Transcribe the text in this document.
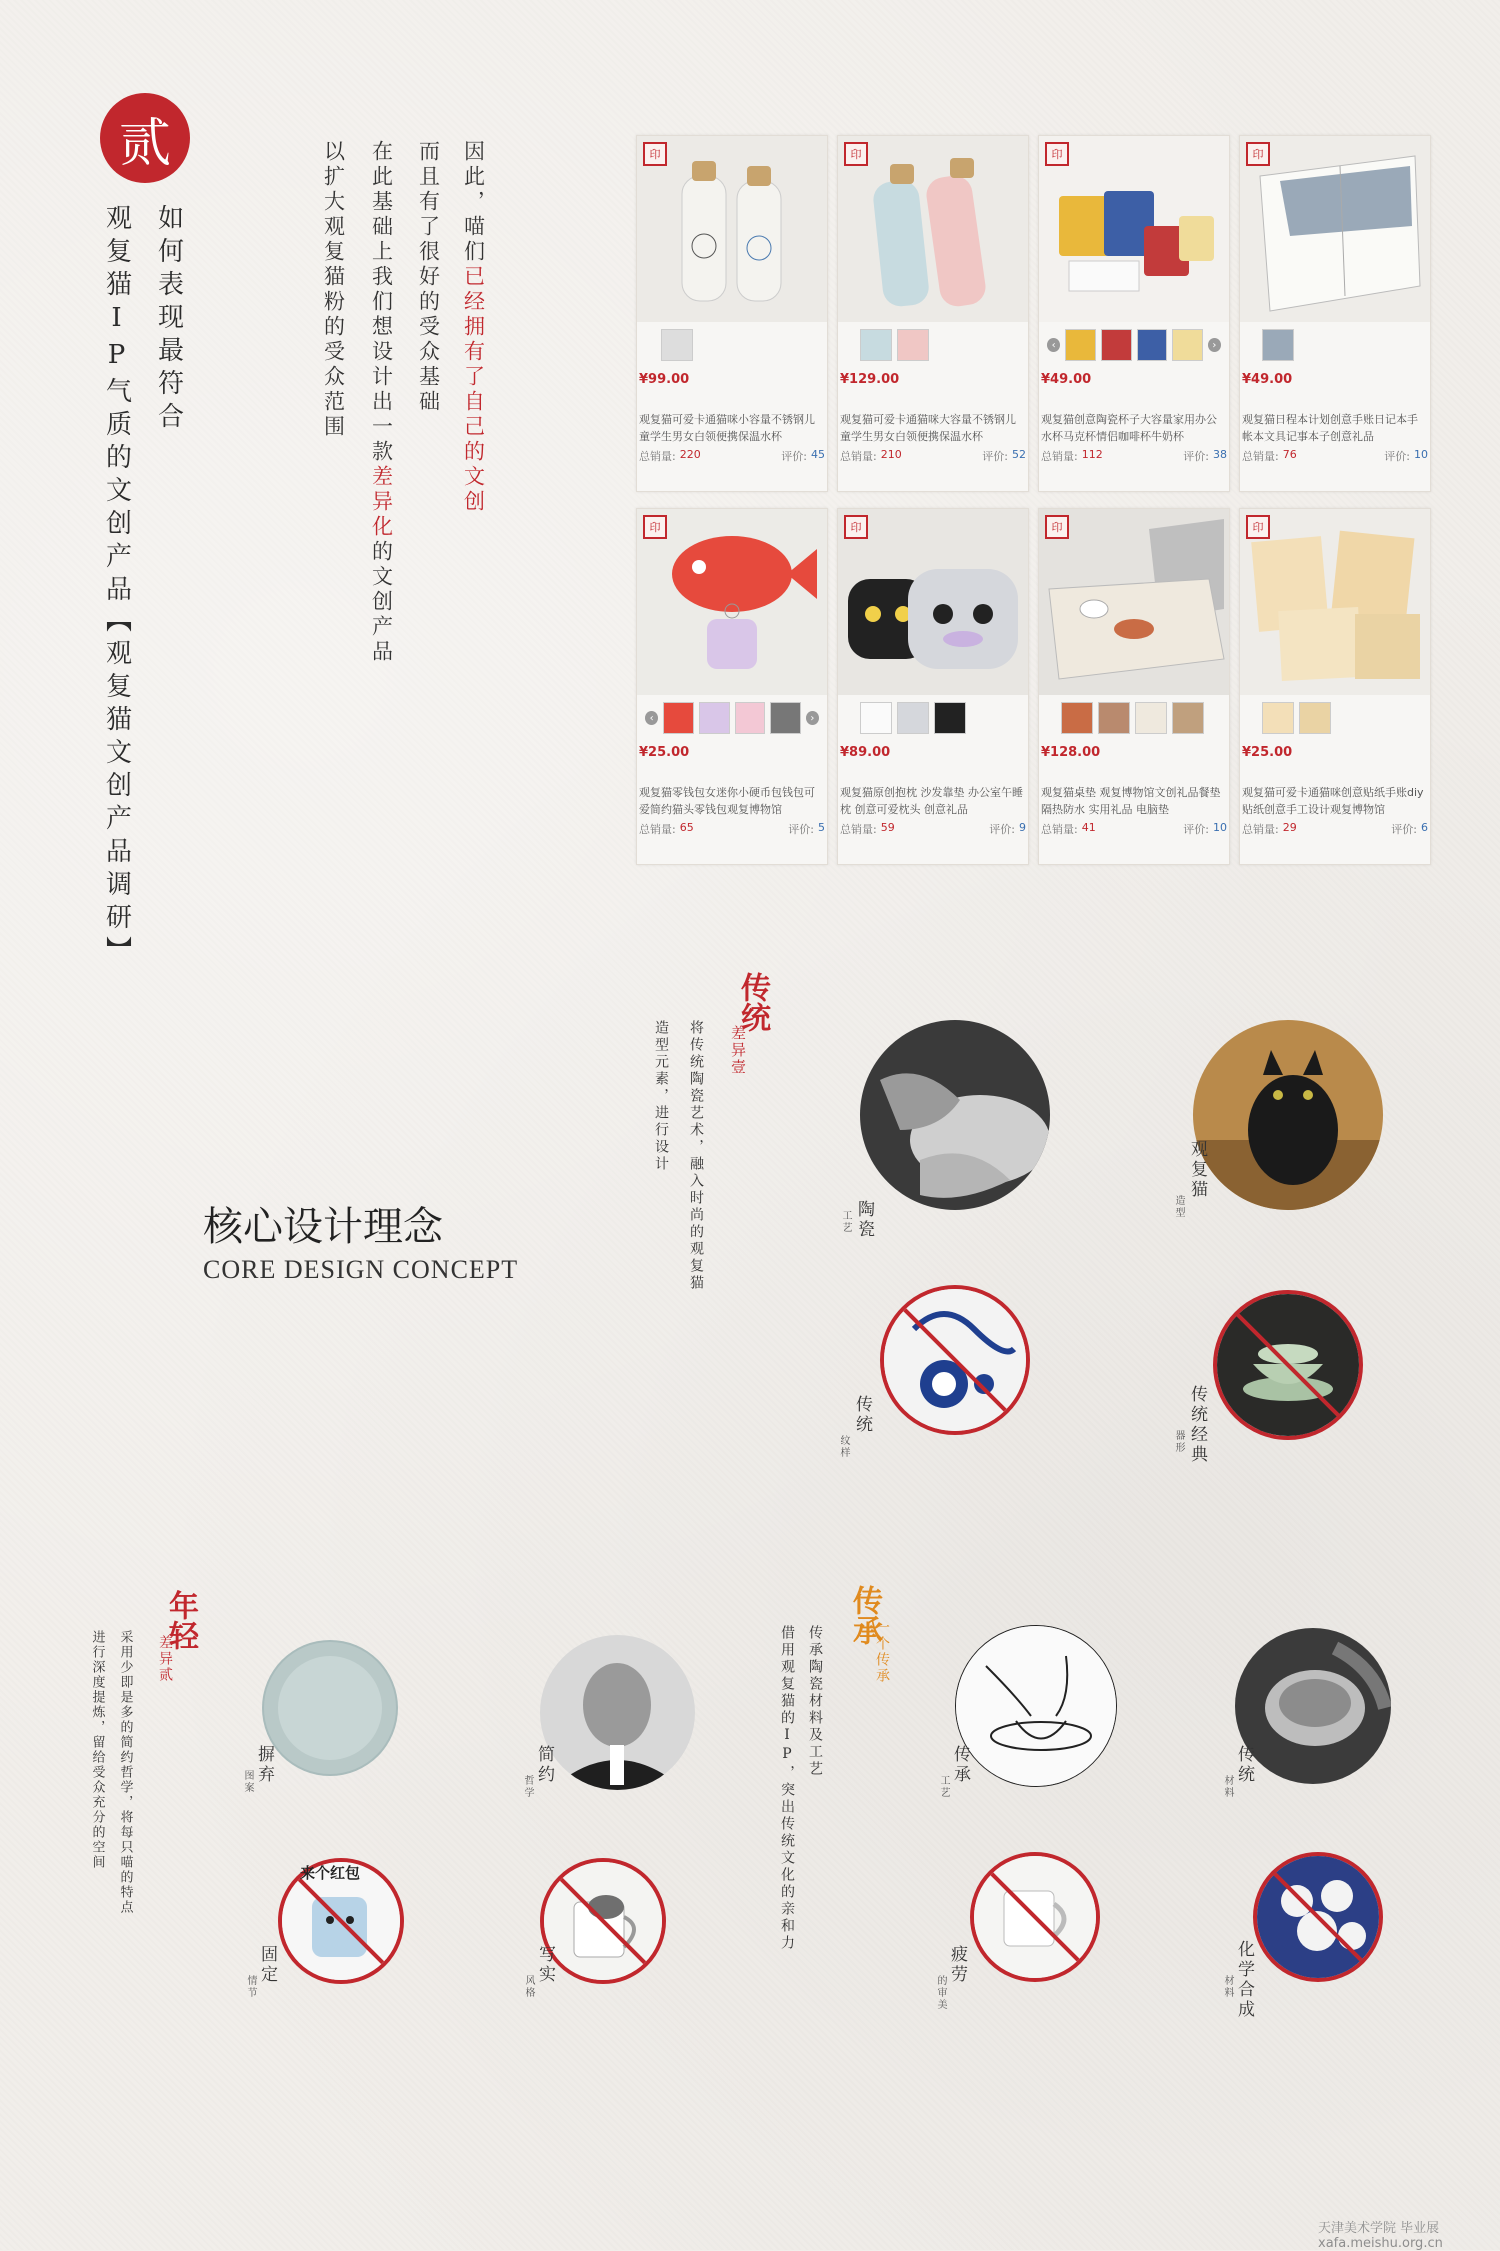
贰
如何表现最符合
观复猫IP气质的文创产品
【观复猫文创产品调研】
因此，喵们已经拥有了自己的文创
而且有了很好的受众基础
在此基础上我们想设计出一款差异化的文创产品
以扩大观复猫粉的受众范围	印
¥99.00
观复猫可爱卡通猫咪小容量不锈钢儿童学生男女白领便携保温水杯
总销量: 220	评价: 45
印
¥129.00
观复猫可爱卡通猫咪大容量不锈钢儿童学生男女白领便携保温水杯
总销量: 210	评价: 52
印
‹	›
¥49.00
观复猫创意陶瓷杯子大容量家用办公水杯马克杯情侣咖啡杯牛奶杯
总销量: 112	评价: 38
印
¥49.00
观复猫日程本计划创意手账日记本手帐本文具记事本子创意礼品
总销量: 76	评价: 10
印
‹	›
¥25.00
观复猫零钱包女迷你小硬币包钱包可爱简约猫头零钱包观复博物馆
总销量: 65	评价: 5
印
¥89.00
观复猫原创抱枕 沙发靠垫 办公室午睡枕 创意可爱枕头 创意礼品
总销量: 59	评价: 9
印
¥128.00
观复猫桌垫 观复博物馆文创礼品餐垫 隔热防水 实用礼品 电脑垫
总销量: 41	评价: 10
印
¥25.00
观复猫可爱卡通猫咪创意贴纸手账diy贴纸创意手工设计观复博物馆
总销量: 29	评价: 6
核心设计理念
CORE DESIGN CONCEPT
传统
差异壹
将传统陶瓷艺术，融入时尚的观复猫
造型元素，进行设计
陶瓷
工艺
观复猫
造型
传统
纹样	传统经典
器形
年轻
差异贰
采用少即是多的简约哲学，将每只喵的特点
进行深度提炼，留给受众充分的空间	摒弃
图案	简约
哲学
来个红包
固定
情节
写实
风格
传承
一个传承
传承陶瓷材料及工艺
借用观复猫的IP，突出传统文化的亲和力	传承
工艺
传统
材料
疲劳
的审美	化学合成
材料
天津美术学院 毕业展
xafa.meishu.org.cn
